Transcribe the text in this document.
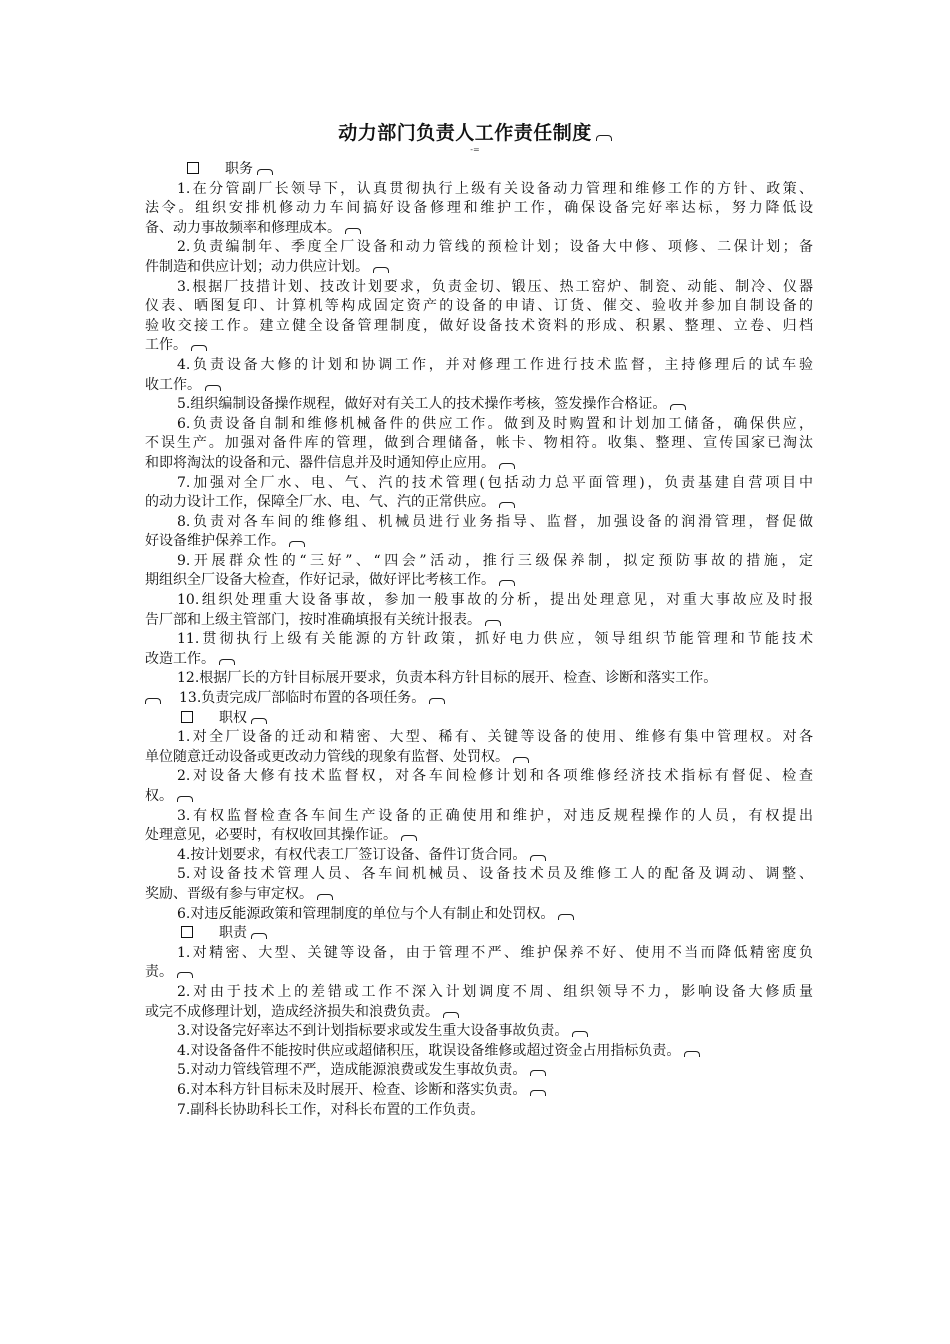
动力部门负责人工作责任制度
-=
职务
1.在分管副厂长领导下，认真贯彻执行上级有关设备动力管理和维修工作的方针、政策、
法令。组织安排机修动力车间搞好设备修理和维护工作，确保设备完好率达标，努力降低设
备、动力事故频率和修理成本。
2.负责编制年、季度全厂设备和动力管线的预检计划；设备大中修、项修、二保计划；备
件制造和供应计划；动力供应计划。
3.根据厂技措计划、技改计划要求，负责金切、锻压、热工窑炉、制瓷、动能、制冷、仪器
仪表、晒图复印、计算机等构成固定资产的设备的申请、订货、催交、验收并参加自制设备的
验收交接工作。建立健全设备管理制度，做好设备技术资料的形成、积累、整理、立卷、归档
工作。
4.负责设备大修的计划和协调工作，并对修理工作进行技术监督，主持修理后的试车验
收工作。
5.组织编制设备操作规程，做好对有关工人的技术操作考核，签发操作合格证。
6.负责设备自制和维修机械备件的供应工作。做到及时购置和计划加工储备，确保供应，
不误生产。加强对备件库的管理，做到合理储备，帐卡、物相符。收集、整理、宣传国家已淘汰
和即将淘汰的设备和元、器件信息并及时通知停止应用。
7.加强对全厂水、电、气、汽的技术管理(包括动力总平面管理)，负责基建自营项目中
的动力设计工作，保障全厂水、电、气、汽的正常供应。
8.负责对各车间的维修组、机械员进行业务指导、监督，加强设备的润滑管理，督促做
好设备维护保养工作。
9.开展群众性的“三好”、“四会”活动，推行三级保养制，拟定预防事故的措施，定
期组织全厂设备大检查，作好记录，做好评比考核工作。
10.组织处理重大设备事故，参加一般事故的分析，提出处理意见，对重大事故应及时报
告厂部和上级主管部门，按时准确填报有关统计报表。
11.贯彻执行上级有关能源的方针政策，抓好电力供应，领导组织节能管理和节能技术
改造工作。
12.根据厂长的方针目标展开要求，负责本科方针目标的展开、检查、诊断和落实工作。
13.负责完成厂部临时布置的各项任务。
职权
1.对全厂设备的迁动和精密、大型、稀有、关键等设备的使用、维修有集中管理权。对各
单位随意迁动设备或更改动力管线的现象有监督、处罚权。
2.对设备大修有技术监督权，对各车间检修计划和各项维修经济技术指标有督促、检查
权。
3.有权监督检查各车间生产设备的正确使用和维护，对违反规程操作的人员，有权提出
处理意见，必要时，有权收回其操作证。
4.按计划要求，有权代表工厂签订设备、备件订货合同。
5.对设备技术管理人员、各车间机械员、设备技术员及维修工人的配备及调动、调整、
奖励、晋级有参与审定权。
6.对违反能源政策和管理制度的单位与个人有制止和处罚权。
职责
1.对精密、大型、关键等设备，由于管理不严、维护保养不好、使用不当而降低精密度负
责。
2.对由于技术上的差错或工作不深入计划调度不周、组织领导不力，影响设备大修质量
或完不成修理计划，造成经济损失和浪费负责。
3.对设备完好率达不到计划指标要求或发生重大设备事故负责。
4.对设备备件不能按时供应或超储积压，耽误设备维修或超过资金占用指标负责。
5.对动力管线管理不严，造成能源浪费或发生事故负责。
6.对本科方针目标未及时展开、检查、诊断和落实负责。
7.副科长协助科长工作，对科长布置的工作负责。
